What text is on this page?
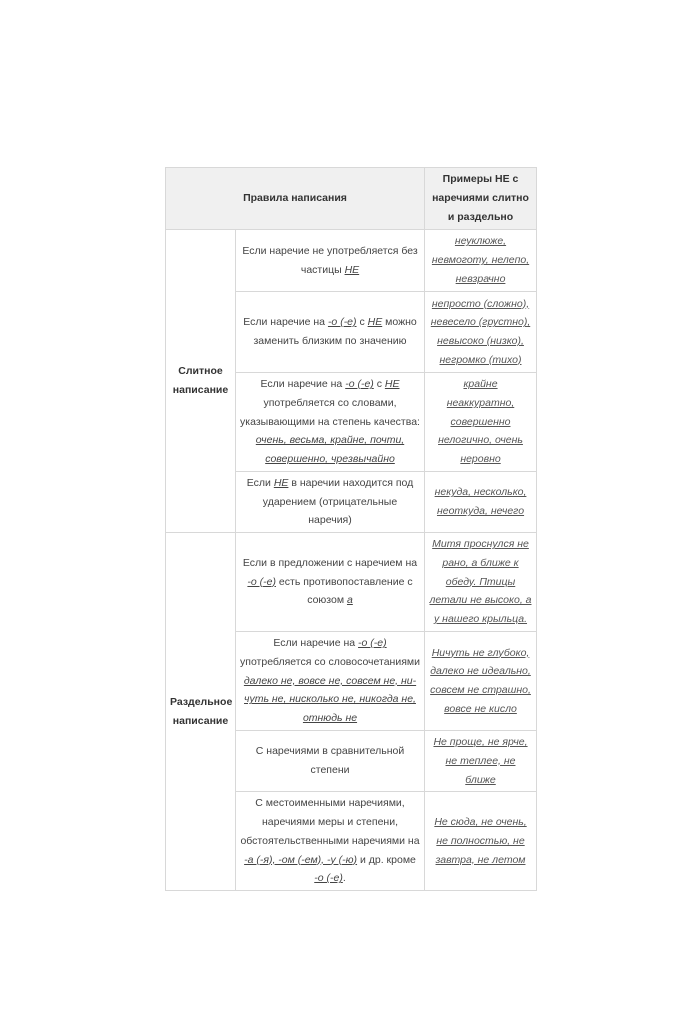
Правила написания		Примеры НЕ с наречиями слитно и раздельно
Слитное написание	Если наречие не употребляется без частицы НЕ	неуклюже, невмоготу, нелепо, невзрачно
	Если наречие на -о (-е) с НЕ можно заменить близким по значению	непросто (сложно), невесело (грустно), невысоко (низко), негромко (тихо)
	Если наречие на -о (-е) с НЕ употребляется со словами, указывающими на степень качества: очень, весьма, крайне, почти, совершенно, чрезвычайно	крайне неаккуратно, совершенно нелогично, очень неровно
	Если НЕ в наречии находится под ударением (отрицательные наречия)	некуда, несколько, неоткуда, нечего
Раздельное написание	Если в предложении с наречием на -о (-е) есть противопоставление с союзом а	Митя проснулся не рано, а ближе к обеду. Птицы летали не высоко, а у нашего крыльца.
	Если наречие на -о (-е) употребляется со словосочетаниями далеко не, вовсе не, совсем не, ни-чуть не, нисколько не, никогда не, отнюдь не	Ничуть не глубоко, далеко не идеально, совсем не страшно, вовсе не кисло
	С наречиями в сравнительной степени	Не проще, не ярче, не теплее, не ближе
	С местоименными наречиями, наречиями меры и степени, обстоятельственными наречиями на -а (-я), -ом (-ем), -у (-ю) и др. кроме -о (-е).	Не сюда, не очень, не полностью, не завтра, не летом
